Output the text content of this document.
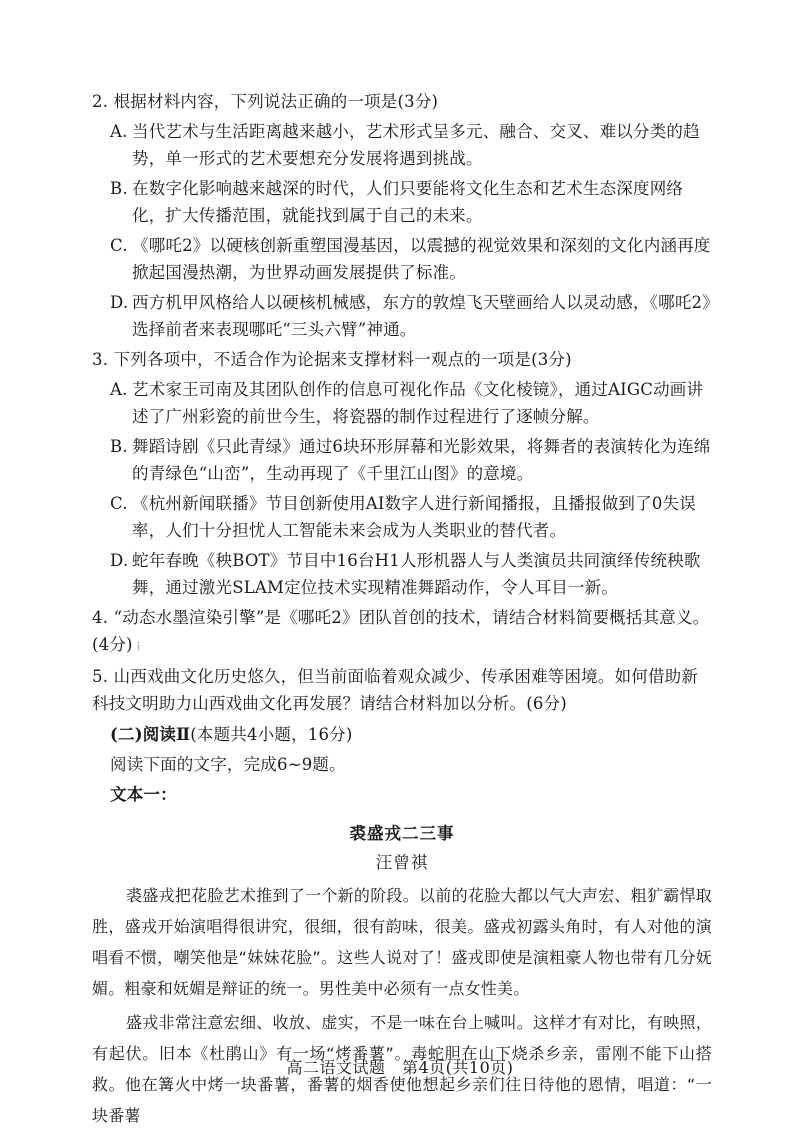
2. 根据材料内容，下列说法正确的一项是(3分)

A. 当代艺术与生活距离越来越小，艺术形式呈多元、融合、交叉、难以分类的趋势，单一形式的艺术要想充分发展将遇到挑战。

B. 在数字化影响越来越深的时代，人们只要能将文化生态和艺术生态深度网络化，扩大传播范围，就能找到属于自己的未来。

C. 《哪吒2》以硬核创新重塑国漫基因，以震撼的视觉效果和深刻的文化内涵再度掀起国漫热潮，为世界动画发展提供了标准。

D. 西方机甲风格给人以硬核机械感，东方的敦煌飞天壁画给人以灵动感，《哪吒2》选择前者来表现哪吒“三头六臂”神通。

3. 下列各项中，不适合作为论据来支撑材料一观点的一项是(3分)

A. 艺术家王司南及其团队创作的信息可视化作品《文化棱镜》，通过AIGC动画讲述了广州彩瓷的前世今生，将瓷器的制作过程进行了逐帧分解。

B. 舞蹈诗剧《只此青绿》通过6块环形屏幕和光影效果，将舞者的表演转化为连绵的青绿色“山峦”，生动再现了《千里江山图》的意境。

C. 《杭州新闻联播》节目创新使用AI数字人进行新闻播报，且播报做到了0失误率，人们十分担忧人工智能未来会成为人类职业的替代者。

D. 蛇年春晚《秧BOT》节目中16台H1人形机器人与人类演员共同演绎传统秧歌舞，通过激光SLAM定位技术实现精准舞蹈动作，令人耳目一新。

4. “动态水墨渲染引擎”是《哪吒2》团队首创的技术，请结合材料简要概括其意义。(4分) ⁞

5. 山西戏曲文化历史悠久，但当前面临着观众减少、传承困难等困境。如何借助新科技文明助力山西戏曲文化再发展？请结合材料加以分析。(6分)

(二)阅读Ⅱ(本题共4小题，16分)

阅读下面的文字，完成6~9题。

文本一：

裘盛戎二三事

汪曾祺

裘盛戎把花脸艺术推到了一个新的阶段。以前的花脸大都以气大声宏、粗犷霸悍取胜，盛戎开始演唱得很讲究，很细，很有韵味，很美。盛戎初露头角时，有人对他的演唱看不惯，嘲笑他是“妹妹花脸”。这些人说对了！盛戎即使是演粗豪人物也带有几分妩媚。粗豪和妩媚是辩证的统一。男性美中必须有一点女性美。

盛戎非常注意宏细、收放、虚实，不是一味在台上喊叫。这样才有对比，有映照，有起伏。旧本《杜鹃山》有一场“烤番薯”。毒蛇胆在山下烧杀乡亲，雷刚不能下山搭救。他在篝火中烤一块番薯，番薯的烟香使他想起乡亲们往日待他的恩情，唱道：“一块番薯

高二语文试题　第4页(共10页)
